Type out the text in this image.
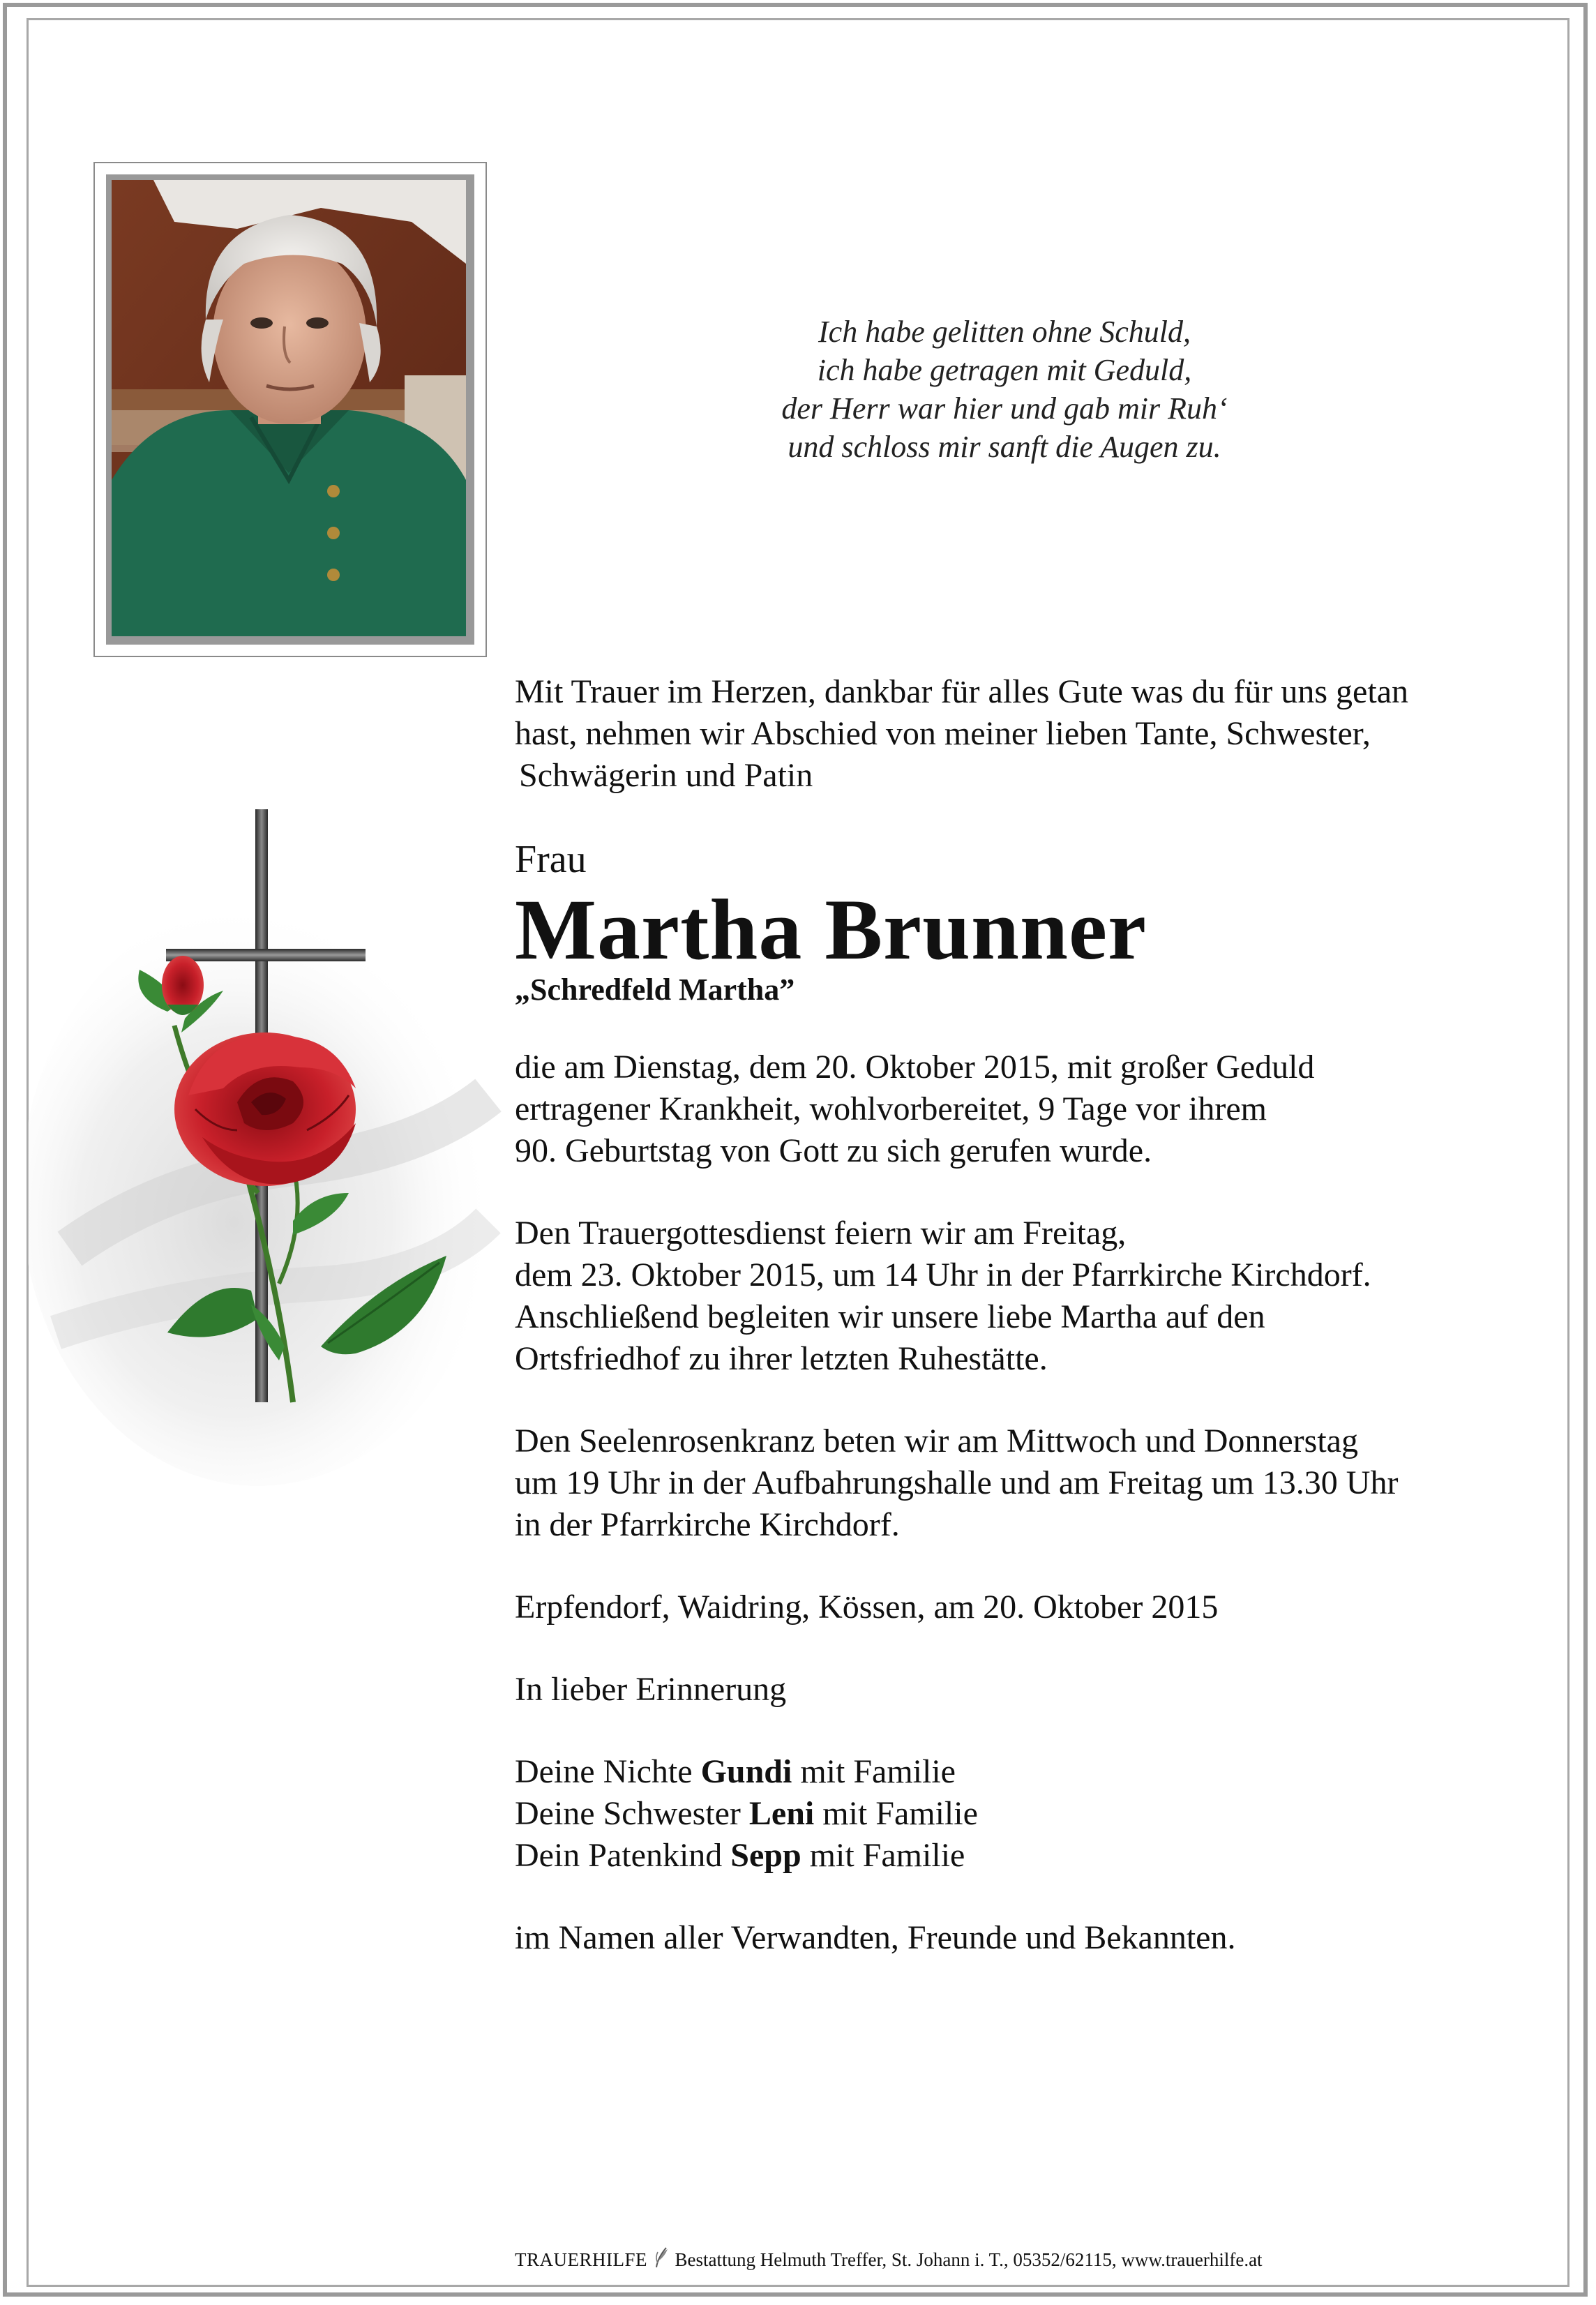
Ich habe gelitten ohne Schuld,
ich habe getragen mit Geduld,
der Herr war hier und gab mir Ruh‘
und schloss mir sanft die Augen zu.
Mit Trauer im Herzen, dankbar für alles Gute was du für uns getan
hast, nehmen wir Abschied von meiner lieben Tante, Schwester,
Schwägerin und Patin
Frau
Martha Brunner
„Schredfeld Martha”
die am Dienstag, dem 20. Oktober 2015, mit großer Geduld
ertragener Krankheit, wohlvorbereitet, 9 Tage vor ihrem
90. Geburtstag von Gott zu sich gerufen wurde.
Den Trauergottesdienst feiern wir am Freitag,
dem 23. Oktober 2015, um 14 Uhr in der Pfarrkirche Kirchdorf.
Anschließend begleiten wir unsere liebe Martha auf den
Ortsfriedhof zu ihrer letzten Ruhestätte.
Den Seelenrosenkranz beten wir am Mittwoch und Donnerstag
um 19 Uhr in der Aufbahrungshalle und am Freitag um 13.30 Uhr
in der Pfarrkirche Kirchdorf.
Erpfendorf, Waidring, Kössen, am 20. Oktober 2015
In lieber Erinnerung
Deine Nichte Gundi mit Familie
Deine Schwester Leni mit Familie
Dein Patenkind Sepp mit Familie
im Namen aller Verwandten, Freunde und Bekannten.
TRAUERHILFE Bestattung Helmuth Treffer, St. Johann i. T., 05352/62115, www.trauerhilfe.at
